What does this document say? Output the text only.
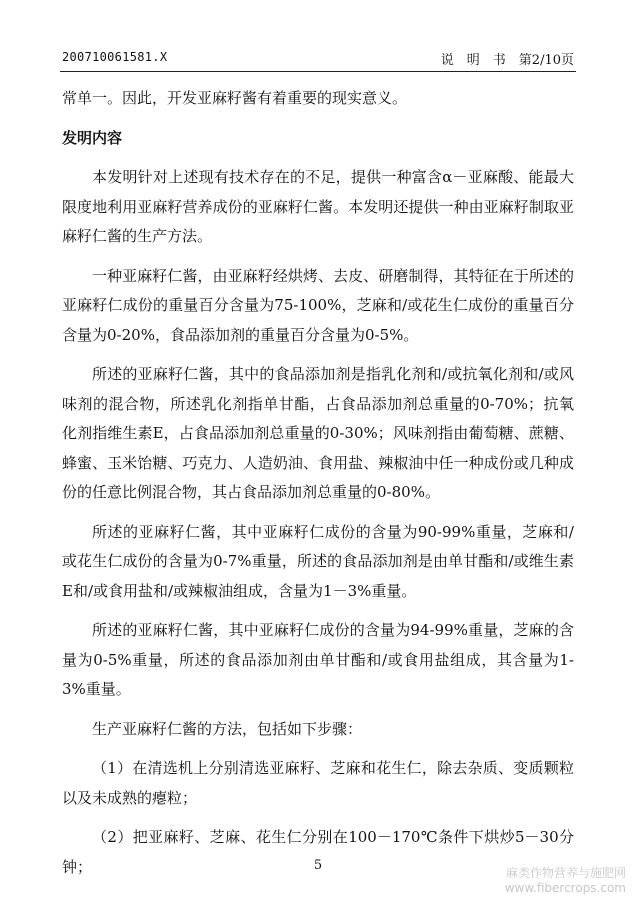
200710061581.X	说　明　书　第2/10页

常单一。因此，开发亚麻籽酱有着重要的现实意义。

发明内容

本发明针对上述现有技术存在的不足，提供一种富含α－亚麻酸、能最大限度地利用亚麻籽营养成份的亚麻籽仁酱。本发明还提供一种由亚麻籽制取亚麻籽仁酱的生产方法。

一种亚麻籽仁酱，由亚麻籽经烘烤、去皮、研磨制得，其特征在于所述的亚麻籽仁成份的重量百分含量为75-100%，芝麻和/或花生仁成份的重量百分含量为0-20%，食品添加剂的重量百分含量为0-5%。

所述的亚麻籽仁酱，其中的食品添加剂是指乳化剂和/或抗氧化剂和/或风味剂的混合物，所述乳化剂指单甘酯，占食品添加剂总重量的0-70%；抗氧化剂指维生素E，占食品添加剂总重量的0-30%；风味剂指由葡萄糖、蔗糖、蜂蜜、玉米饴糖、巧克力、人造奶油、食用盐、辣椒油中任一种成份或几种成份的任意比例混合物，其占食品添加剂总重量的0-80%。

所述的亚麻籽仁酱，其中亚麻籽仁成份的含量为90-99%重量，芝麻和/或花生仁成份的含量为0-7%重量，所述的食品添加剂是由单甘酯和/或维生素E和/或食用盐和/或辣椒油组成，含量为1－3%重量。

所述的亚麻籽仁酱，其中亚麻籽仁成份的含量为94-99%重量，芝麻的含量为0-5%重量，所述的食品添加剂由单甘酯和/或食用盐组成，其含量为1-3%重量。

生产亚麻籽仁酱的方法，包括如下步骤：

（1）在清选机上分别清选亚麻籽、芝麻和花生仁，除去杂质、变质颗粒以及未成熟的瘪粒；

（2）把亚麻籽、芝麻、花生仁分别在100－170℃条件下烘炒5－30分钟；	5	麻类作物营养与施肥网
www.fibercrops.com
